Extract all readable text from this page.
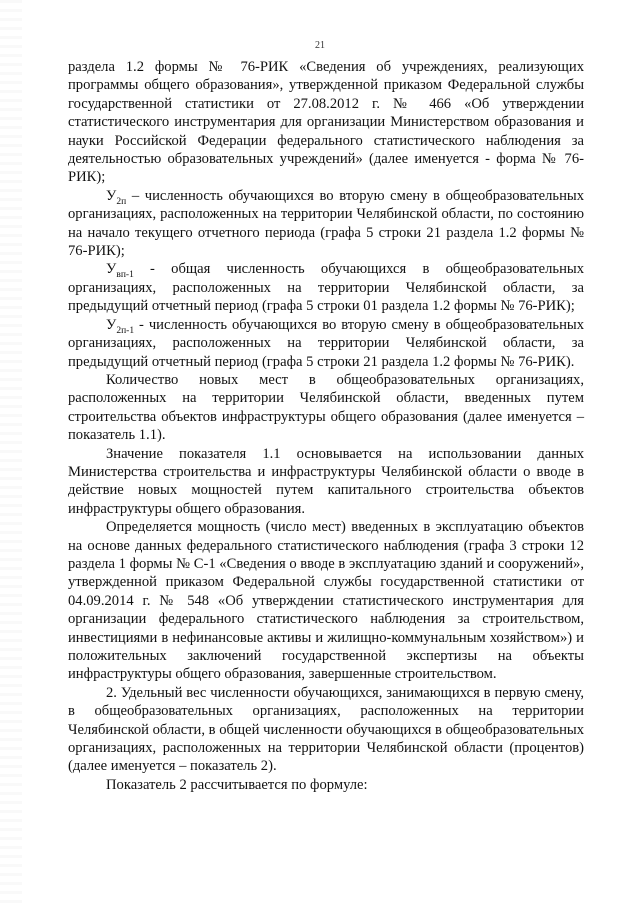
21

раздела 1.2 формы № 76-РИК «Сведения об учреждениях, реализующих программы общего образования», утвержденной приказом Федеральной службы государственной статистики от 27.08.2012 г. № 466 «Об утверждении статистического инструментария для организации Министерством образования и науки Российской Федерации федерального статистического наблюдения за деятельностью образовательных учреждений» (далее именуется - форма № 76-РИК);

$У_{2п}$ – численность обучающихся во вторую смену в общеобразовательных организациях, расположенных на территории Челябинской области, по состоянию на начало текущего отчетного периода (графа 5 строки 21 раздела 1.2 формы № 76-РИК);

$У_{вп-1}$ - общая численность обучающихся в общеобразовательных организациях, расположенных на территории Челябинской области, за предыдущий отчетный период (графа 5 строки 01 раздела 1.2 формы № 76-РИК);

$У_{2п-1}$ - численность обучающихся во вторую смену в общеобразовательных организациях, расположенных на территории Челябинской области, за предыдущий отчетный период (графа 5 строки 21 раздела 1.2 формы № 76-РИК).

Количество новых мест в общеобразовательных организациях, расположенных на территории Челябинской области, введенных путем строительства объектов инфраструктуры общего образования (далее именуется – показатель 1.1).

Значение показателя 1.1 основывается на использовании данных Министерства строительства и инфраструктуры Челябинской области о вводе в действие новых мощностей путем капитального строительства объектов инфраструктуры общего образования.

Определяется мощность (число мест) введенных в эксплуатацию объектов на основе данных федерального статистического наблюдения (графа 3 строки 12 раздела 1 формы № С-1 «Сведения о вводе в эксплуатацию зданий и сооружений», утвержденной приказом Федеральной службы государственной статистики от 04.09.2014 г. № 548 «Об утверждении статистического инструментария для организации федерального статистического наблюдения за строительством, инвестициями в нефинансовые активы и жилищно-коммунальным хозяйством») и положительных заключений государственной экспертизы на объекты инфраструктуры общего образования, завершенные строительством.

2. Удельный вес численности обучающихся, занимающихся в первую смену, в общеобразовательных организациях, расположенных на территории Челябинской области, в общей численности обучающихся в общеобразовательных организациях, расположенных на территории Челябинской области (процентов) (далее именуется – показатель 2).

Показатель 2 рассчитывается по формуле:
